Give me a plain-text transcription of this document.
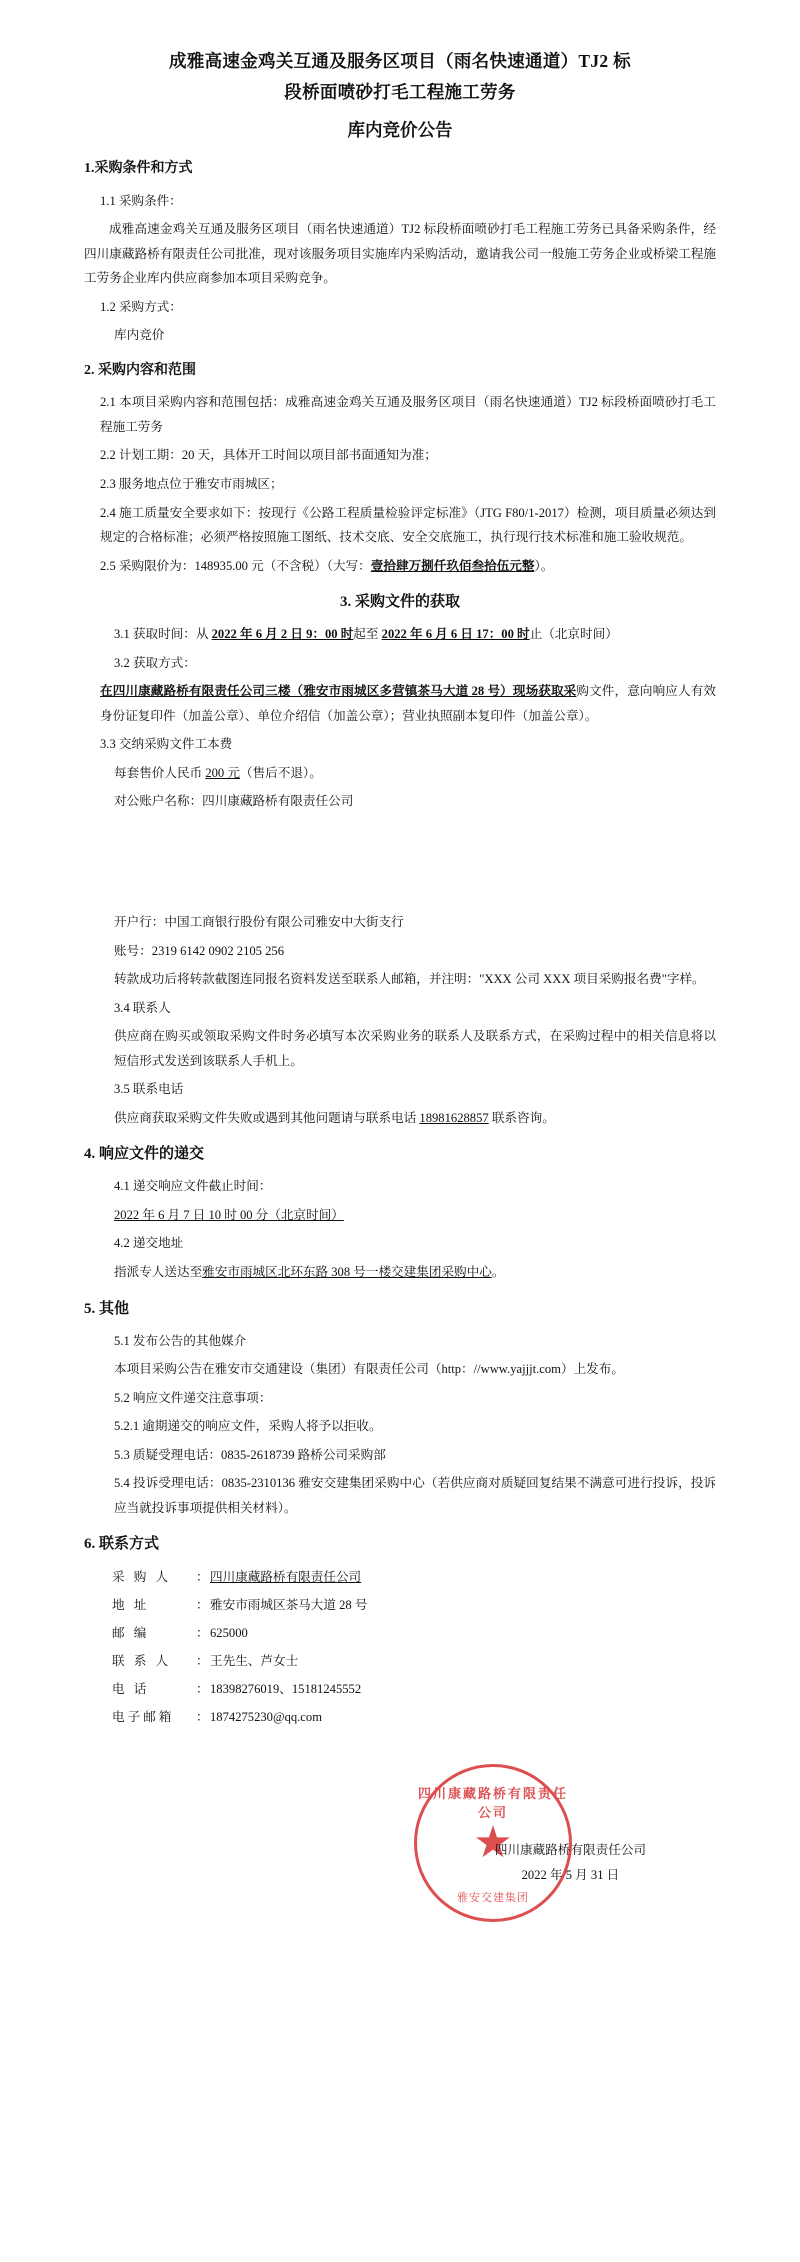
成雅高速金鸡关互通及服务区项目（雨名快速通道）TJ2 标
段桥面喷砂打毛工程施工劳务
库内竞价公告
1.采购条件和方式

1.1 采购条件：

成雅高速金鸡关互通及服务区项目（雨名快速通道）TJ2 标段桥面喷砂打毛工程施工劳务已具备采购条件，经四川康藏路桥有限责任公司批准，现对该服务项目实施库内采购活动，邀请我公司一般施工劳务企业或桥梁工程施工劳务企业库内供应商参加本项目采购竞争。

1.2 采购方式：

库内竞价

2. 采购内容和范围

2.1 本项目采购内容和范围包括：成雅高速金鸡关互通及服务区项目（雨名快速通道）TJ2 标段桥面喷砂打毛工程施工劳务

2.2 计划工期：20 天，具体开工时间以项目部书面通知为准；

2.3 服务地点位于雅安市雨城区；

2.4 施工质量安全要求如下：按现行《公路工程质量检验评定标准》（JTG F80/1-2017）检测，项目质量必须达到规定的合格标准；必须严格按照施工图纸、技术交底、安全交底施工，执行现行技术标准和施工验收规范。

2.5 采购限价为：148935.00 元（不含税）（大写：壹拾肆万捌仟玖佰叁拾伍元整）。

3. 采购文件的获取

3.1 获取时间：从 2022 年 6 月 2 日 9：00 时起至 2022 年 6 月 6 日 17：00 时止（北京时间）

3.2 获取方式：

在四川康藏路桥有限责任公司三楼（雅安市雨城区多营镇茶马大道 28 号）现场获取采购文件，意向响应人有效身份证复印件（加盖公章）、单位介绍信（加盖公章）；营业执照副本复印件（加盖公章）。

3.3 交纳采购文件工本费

每套售价人民币 200 元（售后不退）。

对公账户名称：四川康藏路桥有限责任公司

开户行：中国工商银行股份有限公司雅安中大街支行

账号：2319 6142 0902 2105 256

转款成功后将转款截图连同报名资料发送至联系人邮箱，并注明："XXX 公司 XXX 项目采购报名费"字样。

3.4 联系人

供应商在购买或领取采购文件时务必填写本次采购业务的联系人及联系方式，在采购过程中的相关信息将以短信形式发送到该联系人手机上。

3.5 联系电话

供应商获取采购文件失败或遇到其他问题请与联系电话 18981628857 联系咨询。

4. 响应文件的递交

4.1 递交响应文件截止时间：

2022 年 6 月 7 日 10 时 00 分（北京时间）

4.2 递交地址

指派专人送达至雅安市雨城区北环东路 308 号一楼交建集团采购中心。

5. 其他

5.1 发布公告的其他媒介

本项目采购公告在雅安市交通建设（集团）有限责任公司（http：//www.yajjjt.com）上发布。

5.2 响应文件递交注意事项：

5.2.1 逾期递交的响应文件，采购人将予以拒收。

5.3 质疑受理电话：0835-2618739 路桥公司采购部

5.4 投诉受理电话：0835-2310136 雅安交建集团采购中心（若供应商对质疑回复结果不满意可进行投诉，投诉应当就投诉事项提供相关材料）。

6. 联系方式
采 购 人	：	四川康藏路桥有限责任公司
地 址	：	雅安市雨城区茶马大道 28 号
邮 编	：	625000
联 系 人	：	王先生、芦女士
电 话	：	18398276019、15181245552
电子邮箱	：	1874275230@qq.com
四川康藏路桥有限责任公司
★
雅安交建集团
四川康藏路桥有限责任公司
2022 年 5 月 31 日
